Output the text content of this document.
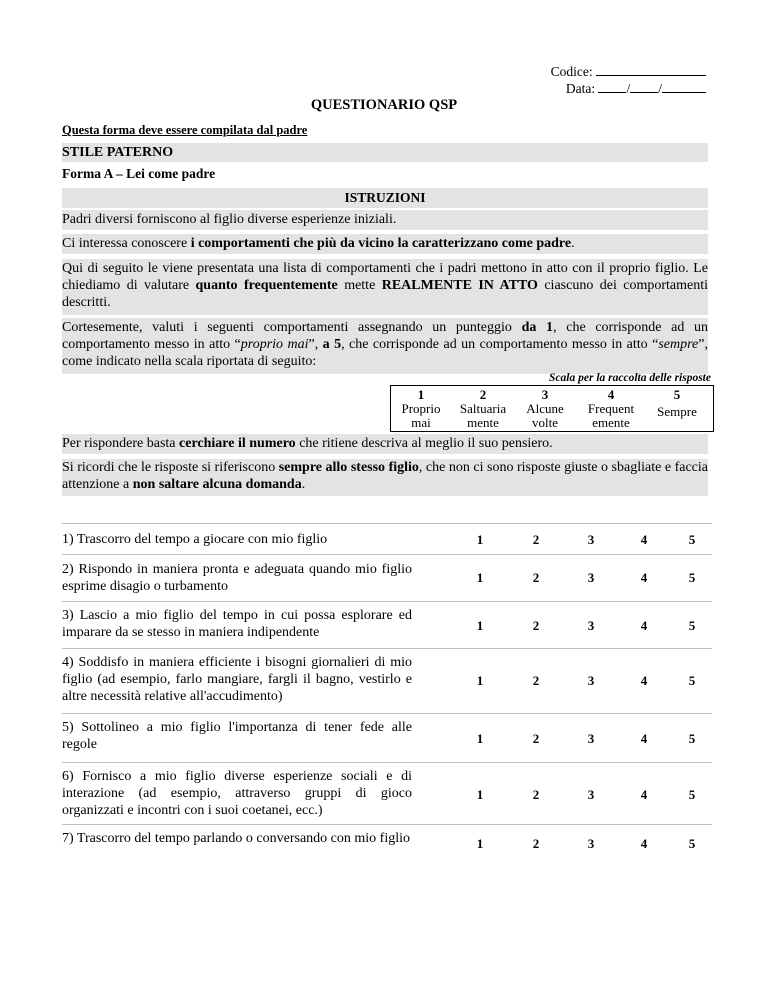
Codice:
Data: / /
QUESTIONARIO QSP
Questa forma deve essere compilata dal padre
STILE PATERNO
Forma A – Lei come padre
ISTRUZIONI
Padri diversi forniscono al figlio diverse esperienze iniziali.
Ci interessa conoscere i comportamenti che più da vicino la caratterizzano come padre.
Qui di seguito le viene presentata una lista di comportamenti che i padri mettono in atto con il proprio figlio. Le chiediamo di valutare quanto frequentemente mette REALMENTE IN ATTO ciascuno dei comportamenti descritti.
Cortesemente, valuti i seguenti comportamenti assegnando un punteggio da 1, che corrisponde ad un comportamento messo in atto “proprio mai”, a 5, che corrisponde ad un comportamento messo in atto “sempre”, come indicato nella scala riportata di seguito:
Scala per la raccolta delle risposte
1
Proprio
mai
2
Saltuaria
mente
3
Alcune
volte
4
Frequent
emente
5
Sempre
Per rispondere basta cerchiare il numero che ritiene descriva al meglio il suo pensiero.
Si ricordi che le risposte si riferiscono sempre allo stesso figlio, che non ci sono risposte giuste o sbagliate e faccia attenzione a non saltare alcuna domanda.
1) Trascorro del tempo a giocare con mio figlio	1	2	3	4	5
2) Rispondo in maniera pronta e adeguata quando mio figlio esprime disagio o turbamento
1	2	3	4	5
3) Lascio a mio figlio del tempo in cui possa esplorare ed imparare da se stesso in maniera indipendente	1	2	3	4	5
4) Soddisfo in maniera efficiente i bisogni giornalieri di mio figlio (ad esempio, farlo mangiare, fargli il bagno, vestirlo e altre necessità relative all'accudimento)
1	2	3	4	5
5) Sottolineo a mio figlio l'importanza di tener fede alle regole	1	2	3	4	5
6) Fornisco a mio figlio diverse esperienze sociali e di interazione (ad esempio, attraverso gruppi di gioco organizzati e incontri con i suoi coetanei, ecc.)
1	2	3	4	5
7) Trascorro del tempo parlando o conversando con mio figlio	1	2	3	4	5
